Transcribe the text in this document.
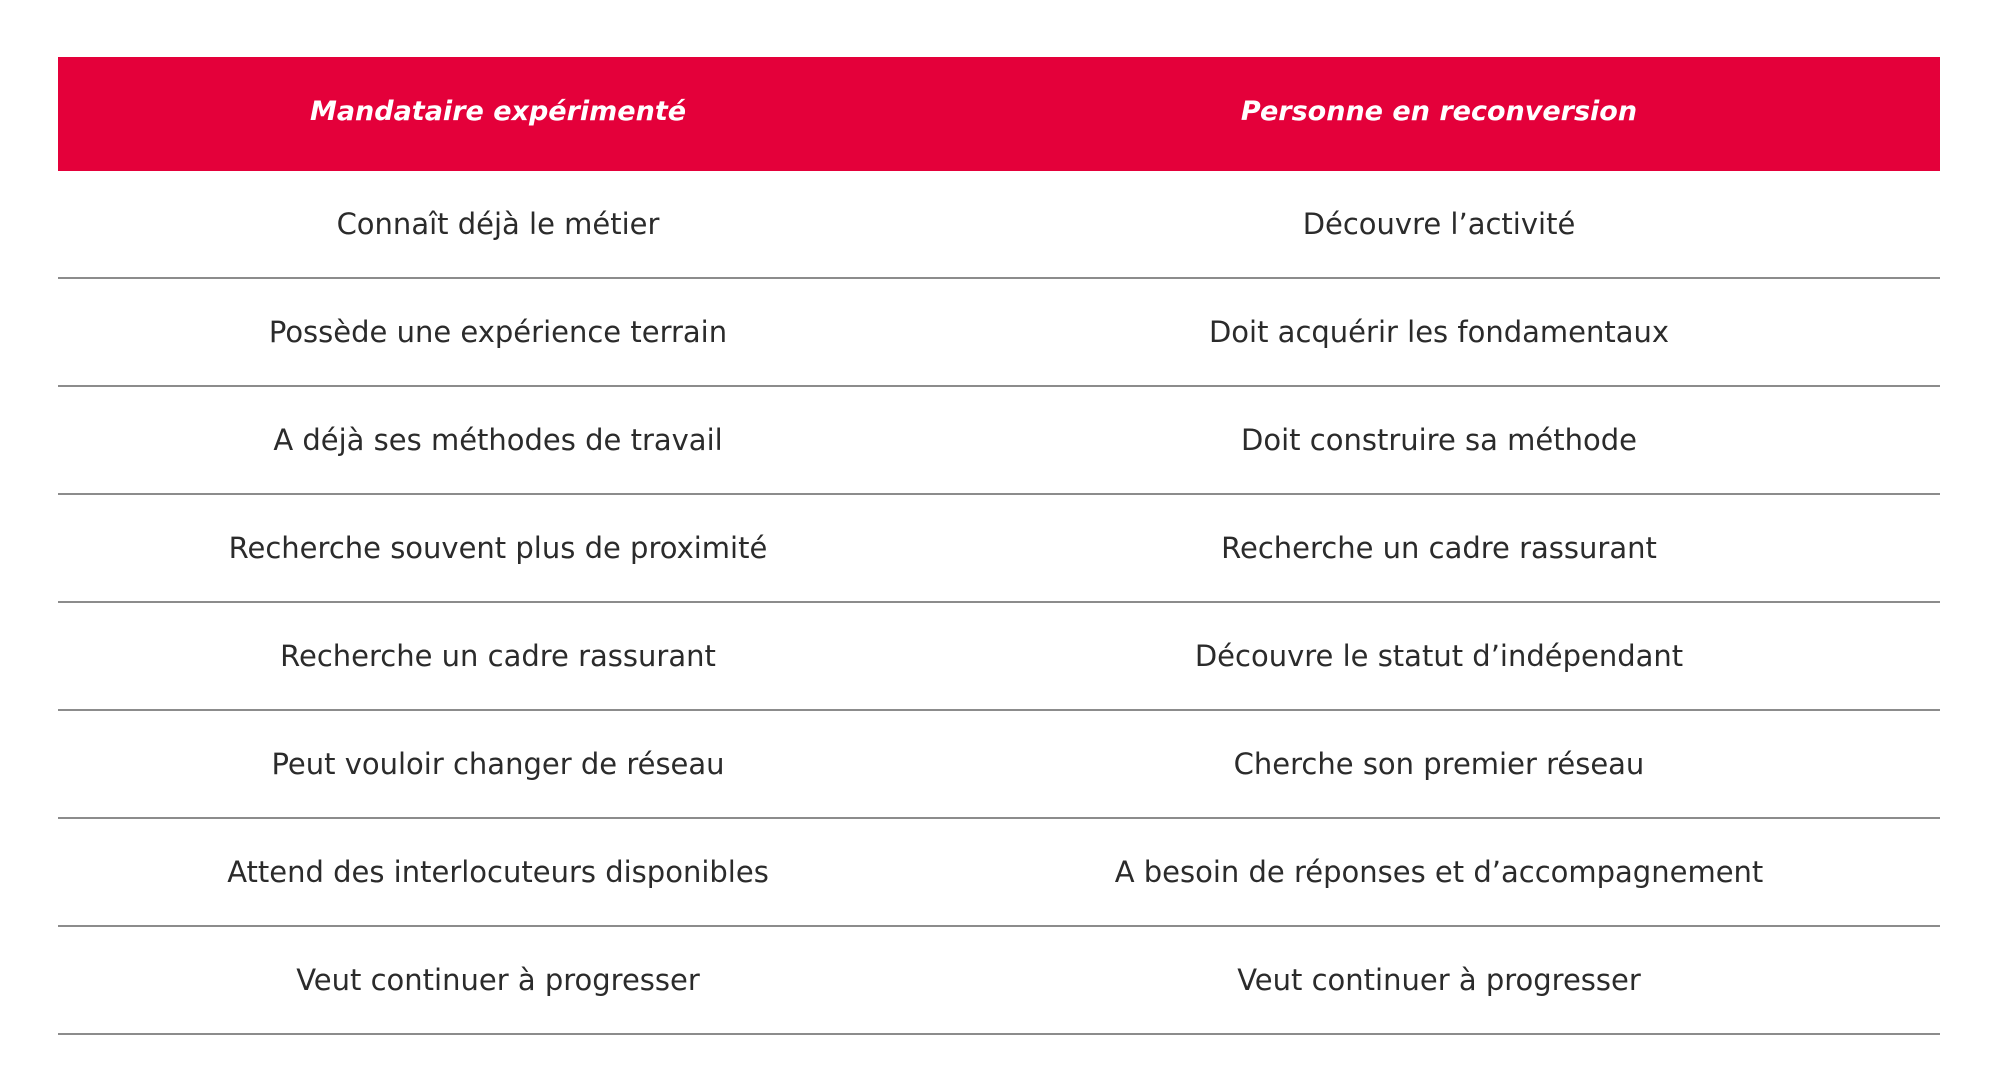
Mandataire expérimenté	Personne en reconversion
Connaît déjà le métier	Découvre l’activité
Possède une expérience terrain	Doit acquérir les fondamentaux
A déjà ses méthodes de travail	Doit construire sa méthode
Recherche souvent plus de proximité	Recherche un cadre rassurant
Recherche un cadre rassurant	Découvre le statut d’indépendant
Peut vouloir changer de réseau	Cherche son premier réseau
Attend des interlocuteurs disponibles	A besoin de réponses et d’accompagnement
Veut continuer à progresser	Veut continuer à progresser
